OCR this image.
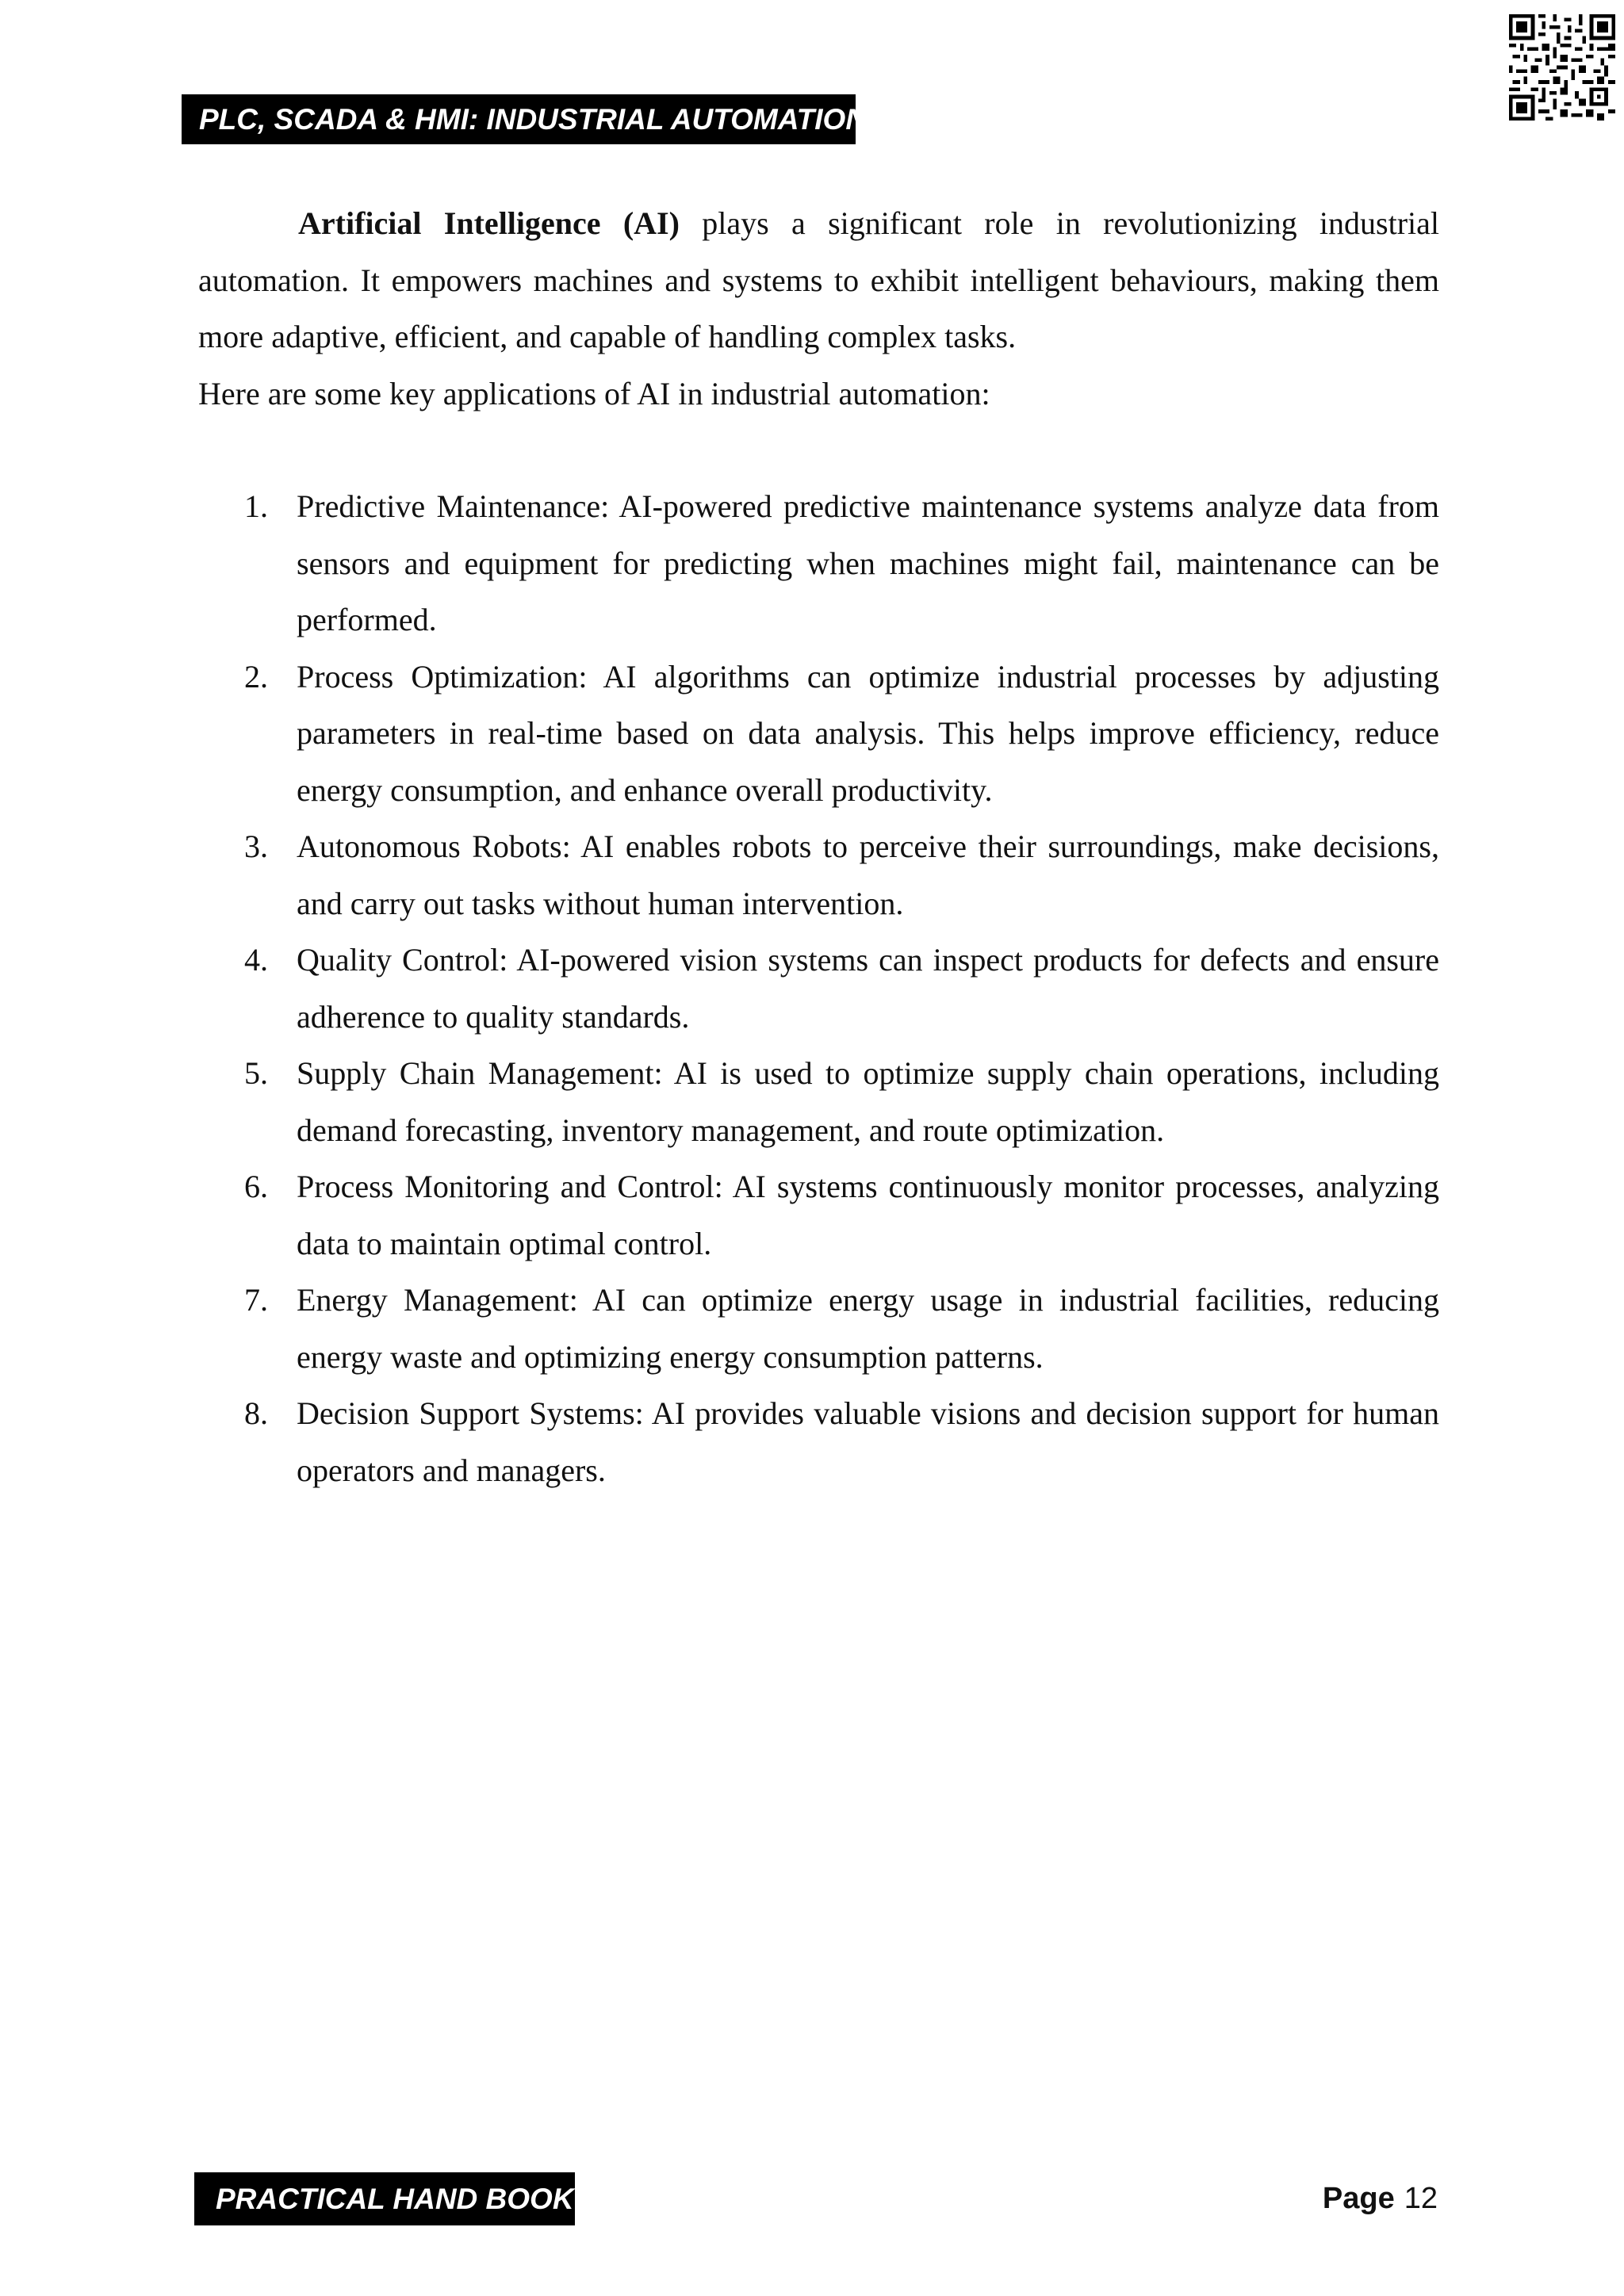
PLC, SCADA & HMI: INDUSTRIAL AUTOMATION

Artificial Intelligence (AI) plays a significant role in revolutionizing industrial automation. It empowers machines and systems to exhibit intelligent behaviours, making them more adaptive, efficient, and capable of handling complex tasks.

Here are some key applications of AI in industrial automation:

1. Predictive Maintenance: AI-powered predictive maintenance systems analyze data from sensors and equipment for predicting when machines might fail, maintenance can be performed.
2. Process Optimization: AI algorithms can optimize industrial processes by adjusting parameters in real-time based on data analysis. This helps improve efficiency, reduce energy consumption, and enhance overall productivity.
3. Autonomous Robots: AI enables robots to perceive their surroundings, make decisions, and carry out tasks without human intervention.
4. Quality Control: AI-powered vision systems can inspect products for defects and ensure adherence to quality standards.
5. Supply Chain Management: AI is used to optimize supply chain operations, including demand forecasting, inventory management, and route optimization.
6. Process Monitoring and Control: AI systems continuously monitor processes, analyzing data to maintain optimal control.
7. Energy Management: AI can optimize energy usage in industrial facilities, reducing energy waste and optimizing energy consumption patterns.
8. Decision Support Systems: AI provides valuable visions and decision support for human operators and managers.
PRACTICAL HAND BOOK	Page 12
